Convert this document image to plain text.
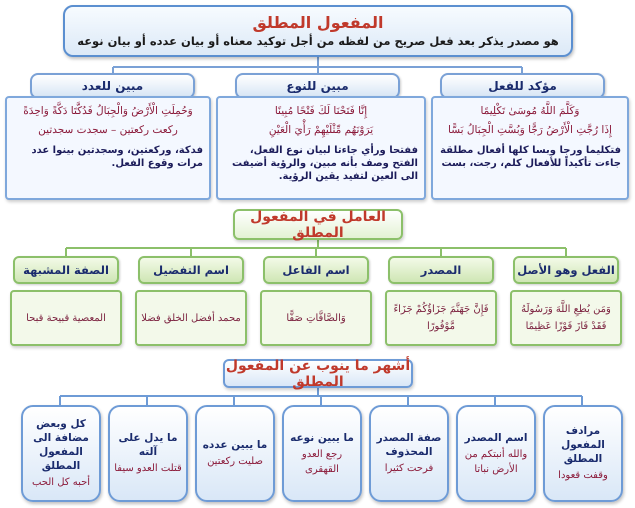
المفعول المطلق
هو مصدر يذكر بعد فعل صريح من لفظه من أجل توكيد معناه أو بيان عدده أو بيان نوعه
مؤكد للفعل
مبين للنوع
مبين للعدد
وَكَلَّمَ اللَّهُ مُوسَىٰ تَكْلِيمًا
إِذَا رُجَّتِ الْأَرْضُ رَجًّا وَبُسَّتِ الْجِبَالُ بَسًّا
فتكليما ورجا وبسا كلها أفعال مطلقة جاءت تأكيداً للأفعال كلم، رجت، بست
إِنَّا فَتَحْنَا لَكَ فَتْحًا مُبِينًا
يَرَوْنَهُم مِّثْلَيْهِمْ رَأْيَ الْعَيْنِ
ففتحا ورأي جاءتا لبيان نوع الفعل، الفتح وصف بأنه مبين، والرؤية أضيفت الى العين لتفيد يقين الرؤية.
وَحُمِلَتِ الْأَرْضُ وَالْجِبَالُ فَدُكَّتَا دَكَّةً وَاحِدَةً
ركعت ركعتين – سجدت سجدتين
فدكة، وركعتين، وسجدتين بينوا عدد مرات وقوع الفعل.
العامل في المفعول المطلق
الفعل وهو الأصل
المصدر
اسم الفاعل
اسم التفضيل
الصفة المشبهة
وَمَن يُطِعِ اللَّهَ وَرَسُولَهُ فَقَدْ فَازَ فَوْزًا عَظِيمًا
فَإِنَّ جَهَنَّمَ جَزَاؤُكُمْ جَزَاءً مَّوْفُورًا
وَالصَّافَّاتِ صَفًّا
محمد أفضل الخلق فضلا
المعصية قبيحة قبحا
أشهر ما ينوب عن المفعول المطلق
مرادف المفعول المطلق
وقفت قعودا
اسم المصدر
والله أنبتكم من الأرض نباتا
صفة المصدر المحذوف
فرحت كثيرا
ما يبين نوعه
رجع العدو القهقرى
ما يبين عدده
صليت ركعتين
ما يدل على آلته
قتلت العدو سيفا
كل وبعض مضافة الى المفعول المطلق
أحبه كل الحب
